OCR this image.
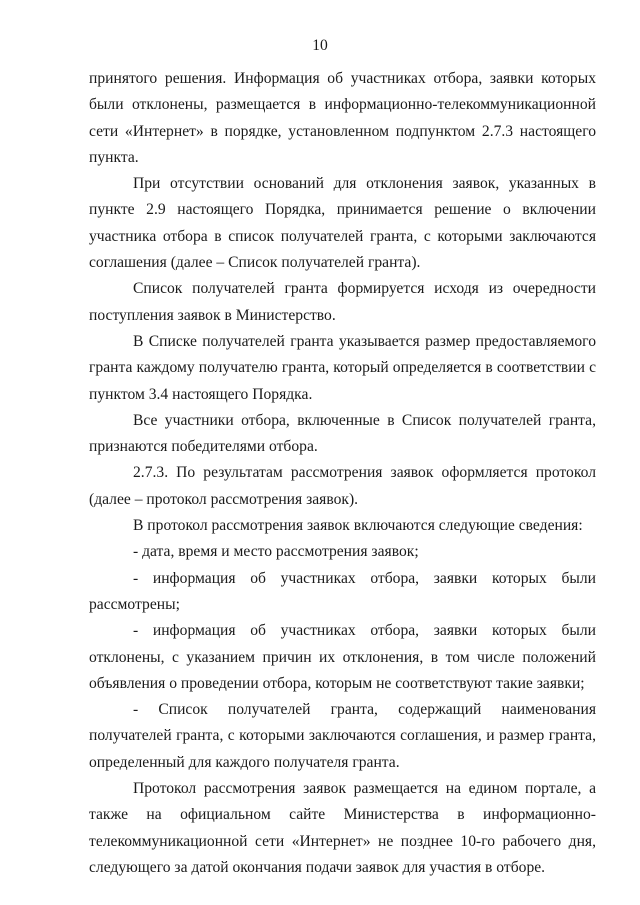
10

принятого решения. Информация об участниках отбора, заявки которых были отклонены, размещается в информационно-телекоммуникационной сети «Интернет» в порядке, установленном подпунктом 2.7.3 настоящего пункта.

При отсутствии оснований для отклонения заявок, указанных в пункте 2.9 настоящего Порядка, принимается решение о включении участника отбора в список получателей гранта, с которыми заключаются соглашения (далее – Список получателей гранта).

Список получателей гранта формируется исходя из очередности поступления заявок в Министерство.

В Списке получателей гранта указывается размер предоставляемого гранта каждому получателю гранта, который определяется в соответствии с пунктом 3.4 настоящего Порядка.

Все участники отбора, включенные в Список получателей гранта, признаются победителями отбора.

2.7.3. По результатам рассмотрения заявок оформляется протокол (далее – протокол рассмотрения заявок).

В протокол рассмотрения заявок включаются следующие сведения:

- дата, время и место рассмотрения заявок;

- информация об участниках отбора, заявки которых были рассмотрены;

- информация об участниках отбора, заявки которых были отклонены, с указанием причин их отклонения, в том числе положений объявления о проведении отбора, которым не соответствуют такие заявки;

- Список получателей гранта, содержащий наименования получателей гранта, с которыми заключаются соглашения, и размер гранта, определенный для каждого получателя гранта.

Протокол рассмотрения заявок размещается на едином портале, а также на официальном сайте Министерства в информационно-телекоммуникационной сети «Интернет» не позднее 10-го рабочего дня, следующего за датой окончания подачи заявок для участия в отборе.
